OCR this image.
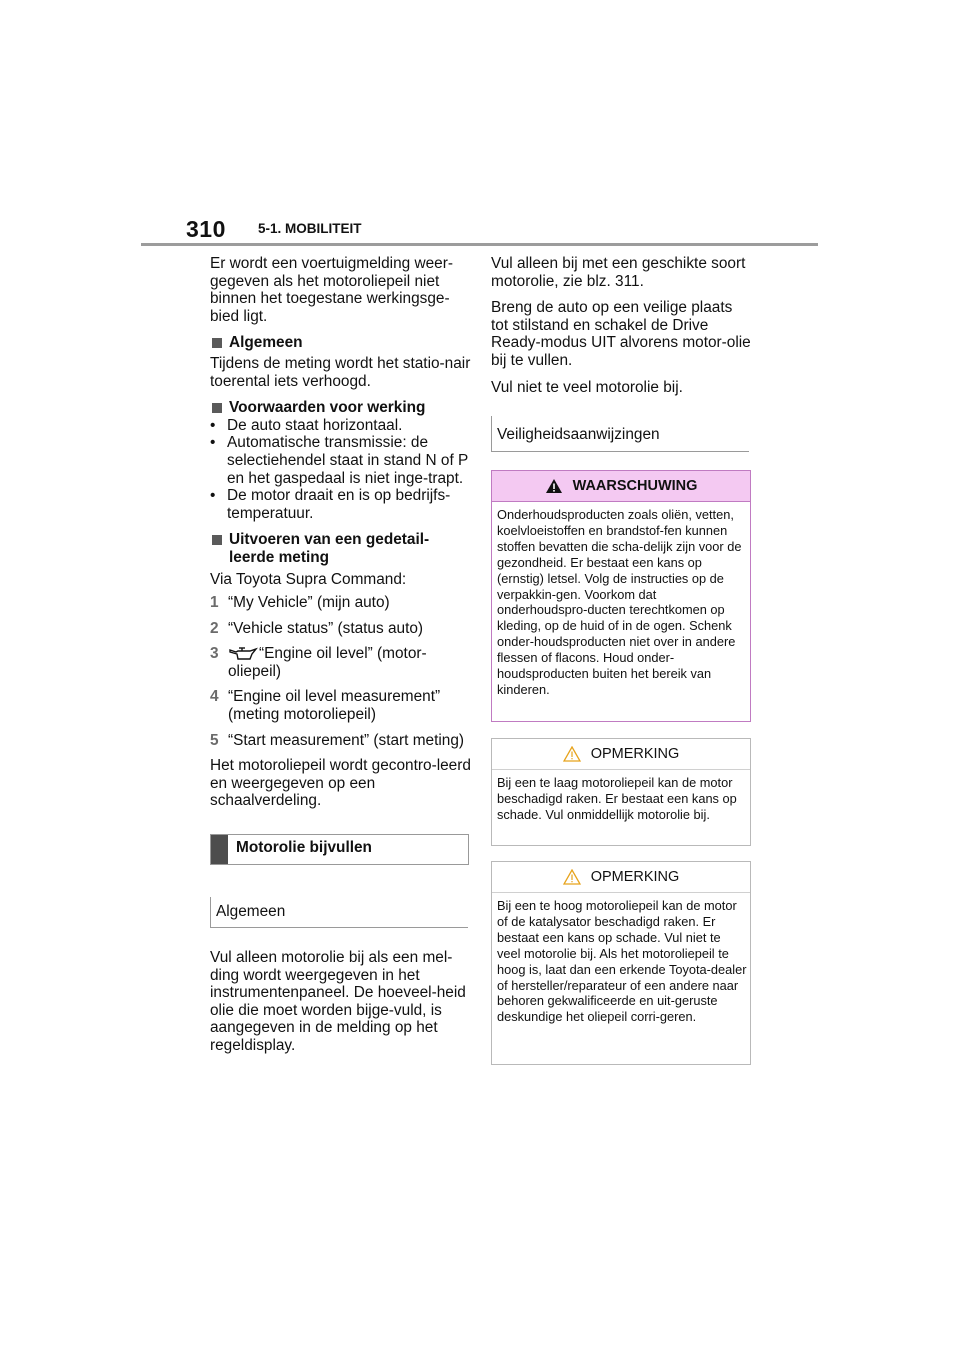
310 5-1. MOBILITEIT

Er wordt een voertuigmelding weer-gegeven als het motoroliepeil niet binnen het toegestane werkingsge-bied ligt.

Algemeen

Tijdens de meting wordt het statio-nair toerental iets verhoogd.

Voorwaarden voor werking
• De auto staat horizontaal.
• Automatische transmissie: de selectiehendel staat in stand N of P en het gaspedaal is niet inge-trapt.
• De motor draait en is op bedrijfs-temperatuur.
Uitvoeren van een gedetail-leerde meting

Via Toyota Supra Command:

1 “My Vehicle” (mijn auto)
2 “Vehicle status” (status auto)
3	“Engine oil level” (motor-oliepeil)
4 “Engine oil level measurement” (meting motoroliepeil)
5 “Start measurement” (start meting)

Het motoroliepeil wordt gecontro-leerd en weergegeven op een schaalverdeling.

Motorolie bijvullen
Algemeen

Vul alleen motorolie bij als een mel-ding wordt weergegeven in het instrumentenpaneel. De hoeveel-heid olie die moet worden bijge-vuld, is aangegeven in de melding op het regeldisplay.

Vul alleen bij met een geschikte soort motorolie, zie blz. 311.

Breng de auto op een veilige plaats tot stilstand en schakel de Drive Ready-modus UIT alvorens motor-olie bij te vullen.

Vul niet te veel motorolie bij.

Veiligheidsaanwijzingen
WAARSCHUWING
Onderhoudsproducten zoals oliën, vetten, koelvloeistoffen en brandstof-fen kunnen stoffen bevatten die scha-delijk zijn voor de gezondheid. Er bestaat een kans op (ernstig) letsel. Volg de instructies op de verpakkin-gen. Voorkom dat onderhoudspro-ducten terechtkomen op kleding, op de huid of in de ogen. Schenk onder-houdsproducten niet over in andere flessen of flacons. Houd onder-houdsproducten buiten het bereik van kinderen.
OPMERKING
Bij een te laag motoroliepeil kan de motor beschadigd raken. Er bestaat een kans op schade. Vul onmiddellijk motorolie bij.
OPMERKING
Bij een te hoog motoroliepeil kan de motor of de katalysator beschadigd raken. Er bestaat een kans op schade. Vul niet te veel motorolie bij. Als het motoroliepeil te hoog is, laat dan een erkende Toyota-dealer of hersteller/reparateur of een andere naar behoren gekwalificeerde en uit-geruste deskundige het oliepeil corri-geren.
